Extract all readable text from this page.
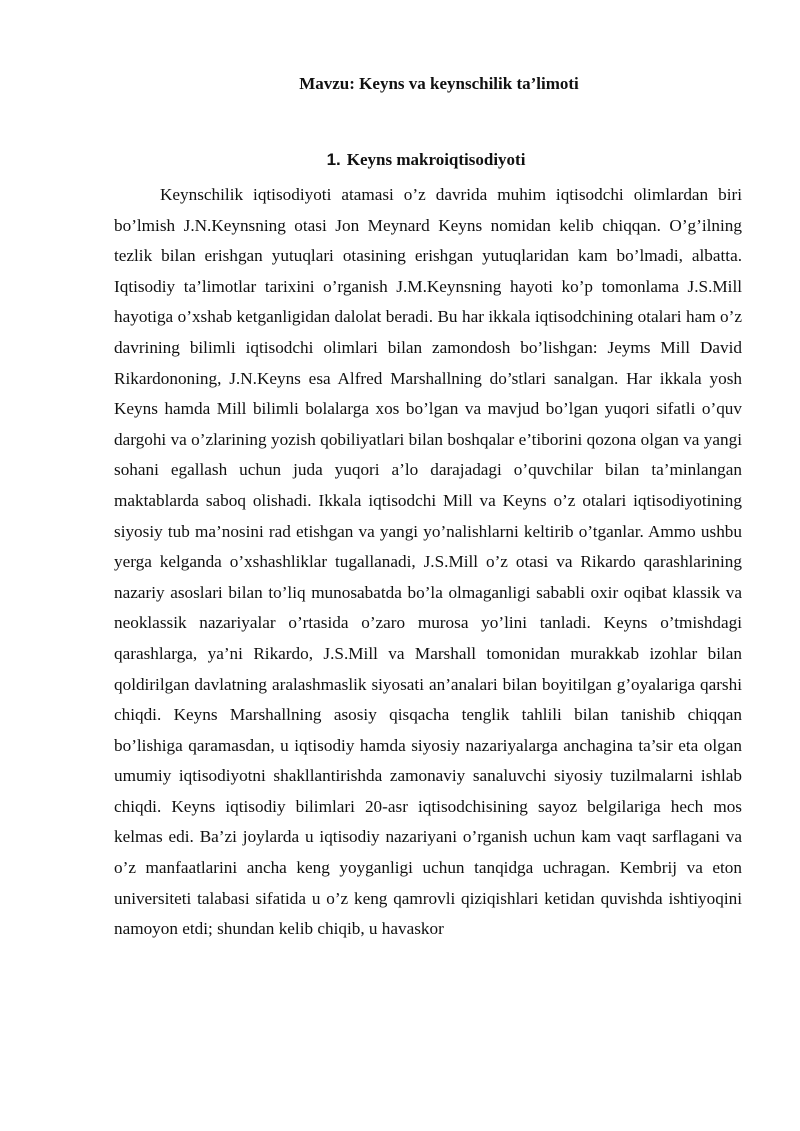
Mavzu: Keyns va keynschilik ta’limoti
1. Keyns makroiqtisodiyoti

Keynschilik iqtisodiyoti atamasi o’z davrida muhim iqtisodchi olimlardan biri bo’lmish J.N.Keynsning otasi Jon Meynard Keyns nomidan kelib chiqqan. O’g’ilning tezlik bilan erishgan yutuqlari otasining erishgan yutuqlaridan kam bo’lmadi, albatta. Iqtisodiy ta’limotlar tarixini o’rganish J.M.Keynsning hayoti ko’p tomonlama J.S.Mill hayotiga o’xshab ketganligidan dalolat beradi. Bu har ikkala iqtisodchining otalari ham o’z davrining bilimli iqtisodchi olimlari bilan zamondosh bo’lishgan: Jeyms Mill David Rikardononing, J.N.Keyns esa Alfred Marshallning do’stlari sanalgan. Har ikkala yosh Keyns hamda Mill bilimli bolalarga xos bo’lgan va mavjud bo’lgan yuqori sifatli o’quv dargohi va o’zlarining yozish qobiliyatlari bilan boshqalar e’tiborini qozona olgan va yangi sohani egallash uchun juda yuqori a’lo darajadagi o’quvchilar bilan ta’minlangan maktablarda saboq olishadi. Ikkala iqtisodchi Mill va Keyns o’z otalari iqtisodiyotining siyosiy tub ma’nosini rad etishgan va yangi yo’nalishlarni keltirib o’tganlar. Ammo ushbu yerga kelganda o’xshashliklar tugallanadi, J.S.Mill o’z otasi va Rikardo qarashlarining nazariy asoslari bilan to’liq munosabatda bo’la olmaganligi sababli oxir oqibat klassik va neoklassik nazariyalar o’rtasida o’zaro murosa yo’lini tanladi. Keyns o’tmishdagi qarashlarga, ya’ni Rikardo, J.S.Mill va Marshall tomonidan murakkab izohlar bilan qoldirilgan davlatning aralashmaslik siyosati an’analari bilan boyitilgan g’oyalariga qarshi chiqdi. Keyns Marshallning asosiy qisqacha tenglik tahlili bilan tanishib chiqqan bo’lishiga qaramasdan, u iqtisodiy hamda siyosiy nazariyalarga anchagina ta’sir eta olgan umumiy iqtisodiyotni shakllantirishda zamonaviy sanaluvchi siyosiy tuzilmalarni ishlab chiqdi. Keyns iqtisodiy bilimlari 20-asr iqtisodchisining sayoz belgilariga hech mos kelmas edi. Ba’zi joylarda u iqtisodiy nazariyani o’rganish uchun kam vaqt sarflagani va o’z manfaatlarini ancha keng yoyganligi uchun tanqidga uchragan. Kembrij va eton universiteti talabasi sifatida u o’z keng qamrovli qiziqishlari ketidan quvishda ishtiyoqini namoyon etdi; shundan kelib chiqib, u havaskor
